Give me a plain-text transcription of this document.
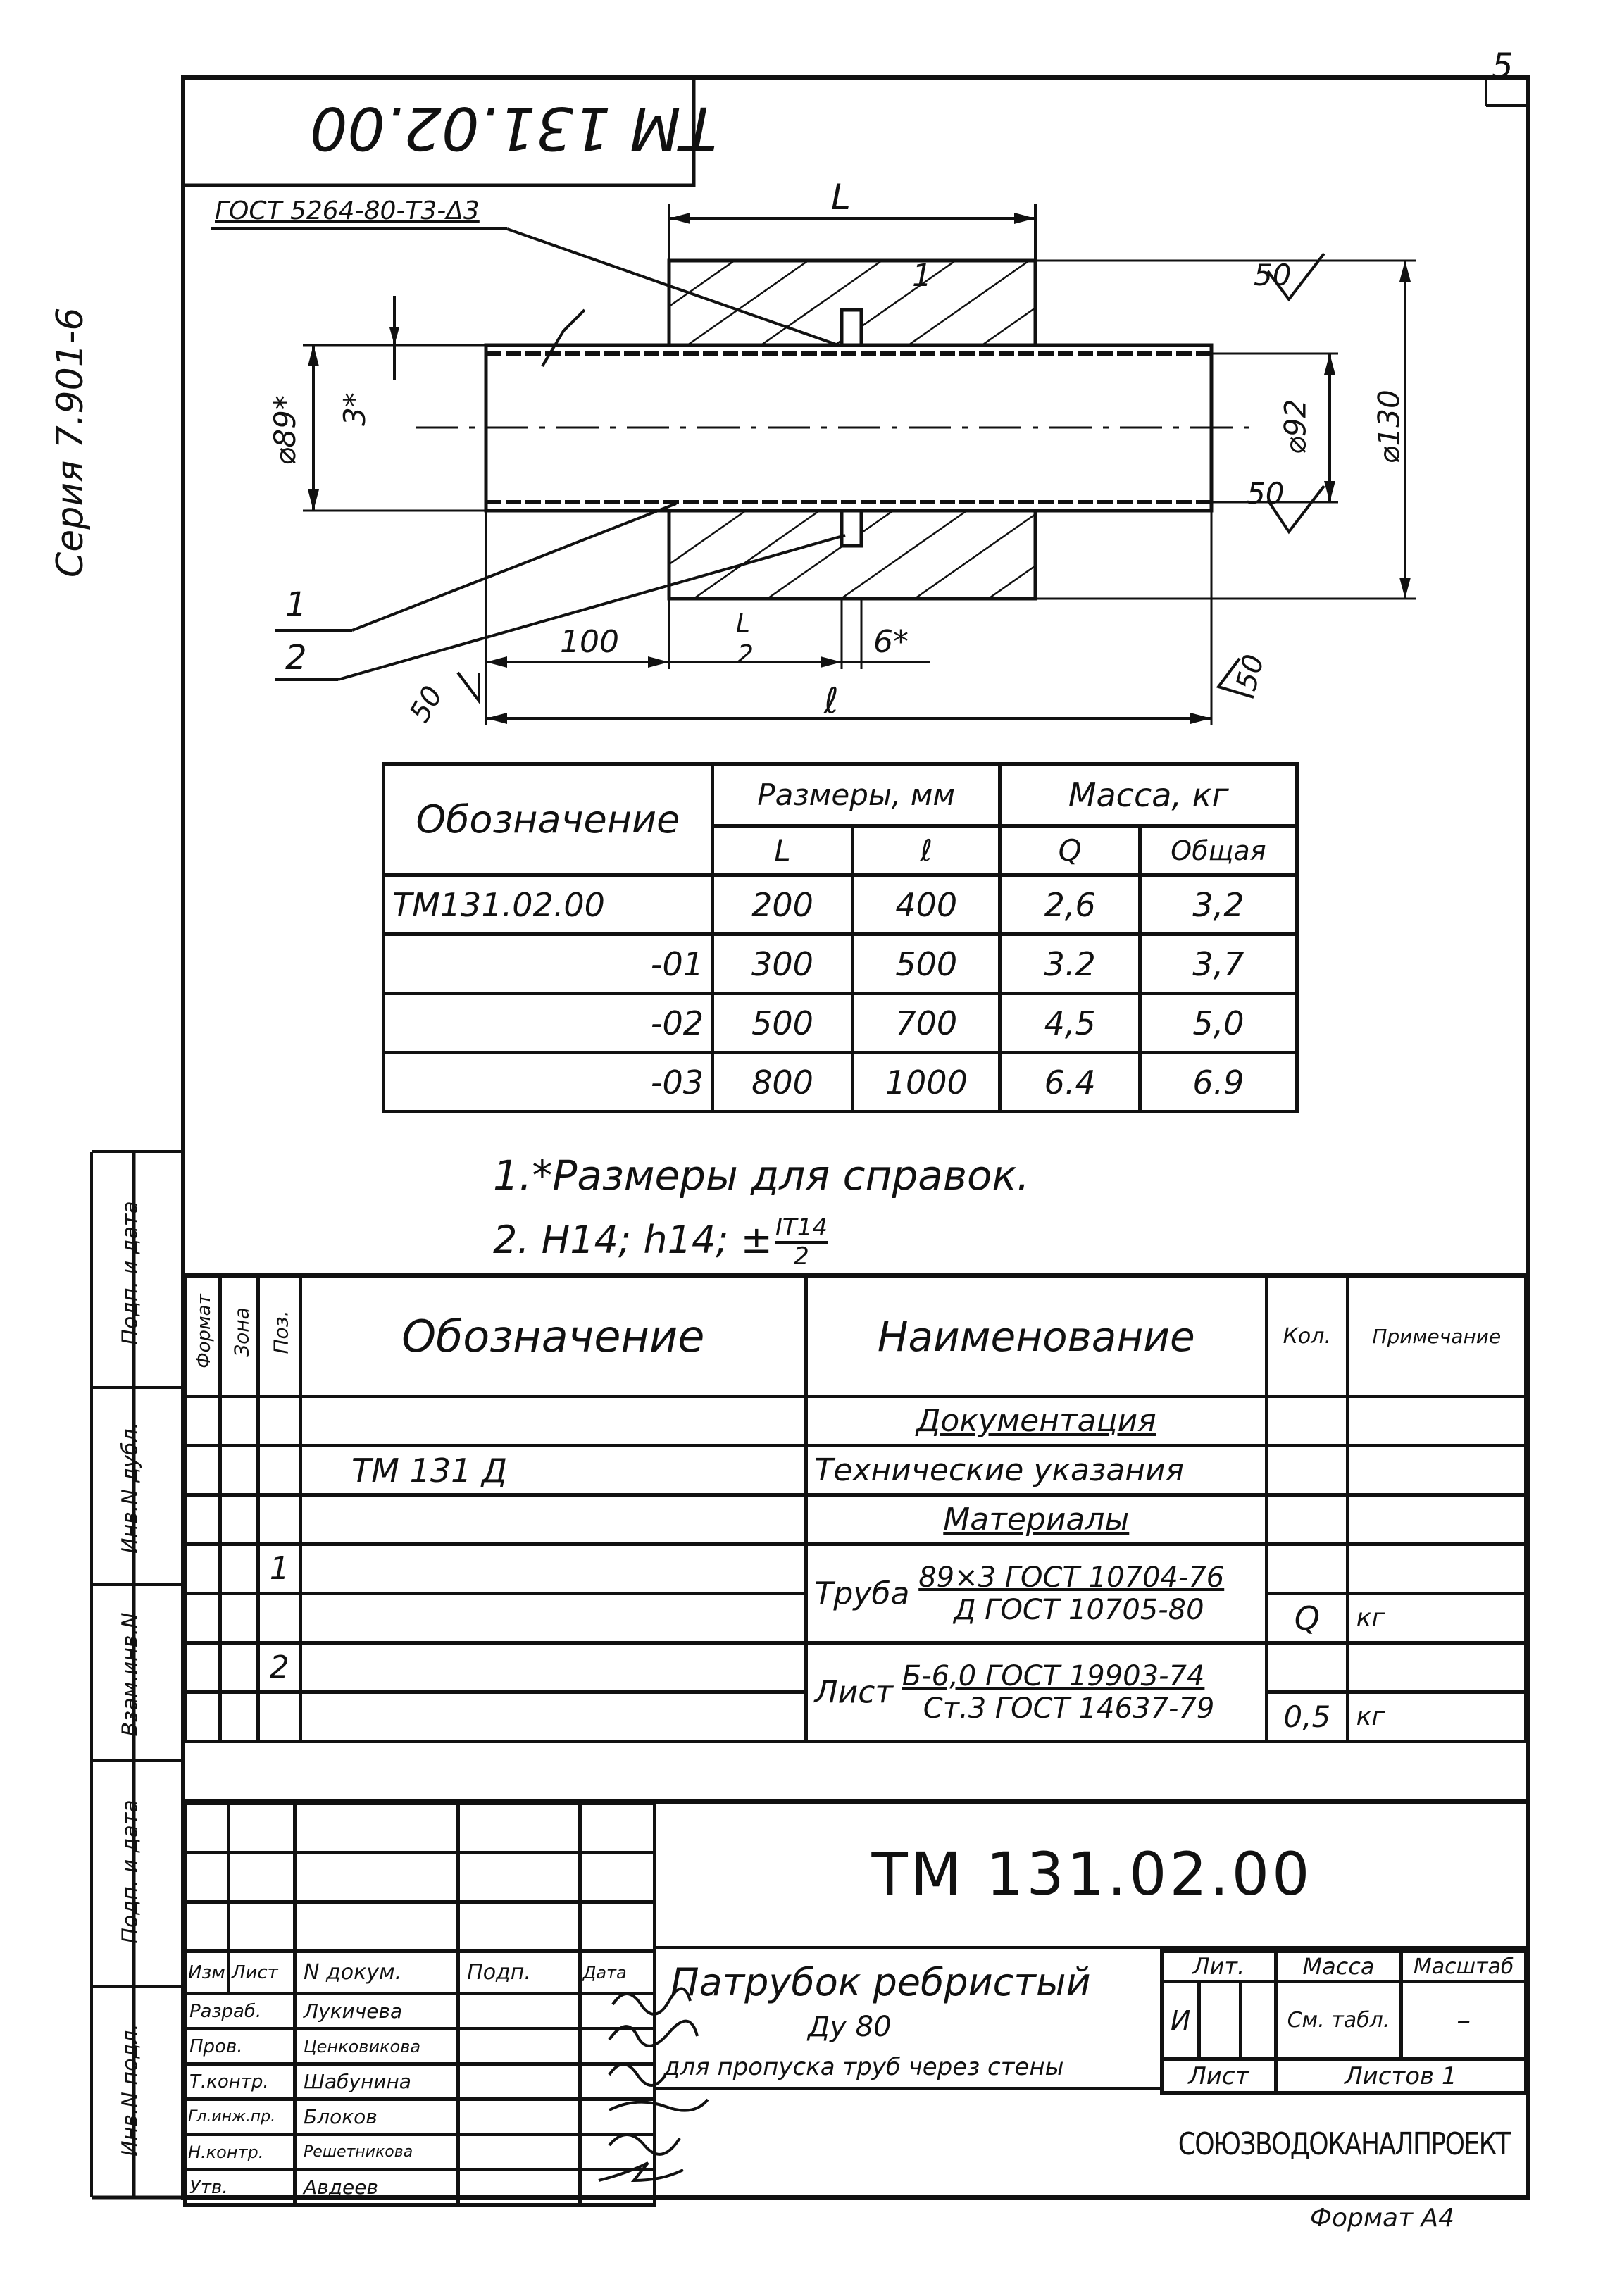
5
ТМ 131.02.00
Серия 7.901-6
ГОСТ 5264-80-Т3-Δ3	L
1	50
50
3*
⌀89*	⌀92 ⌀130
1
2	100
L
2	6*
ℓ
50
50
Обозначение	Размеры, мм		Масса, кг	
	L	ℓ	Q	Общая
ТМ131.02.00	200	400	2,6	3,2
-01	300	500	3.2	3,7
-02	500	700	4,5	5,0
-03	800	1000	6.4	6.9
1.*Размеры для справок.
2. H14; h14; ± $\frac{IT14}{2}$
Формат	Зона	Поз.	Обозначение	Наименование	Кол.	Примечание
				Документация		
			ТМ 131 Д	Технические указания		
				Материалы		
		1		Труба 89×3 ГОСТ 10704-76
Д ГОСТ 10705-80		

					Q	кг
		2		Лист Б-6,0 ГОСТ 19903-74
Ст.3 ГОСТ 14637-79		

					0,5	кг
Инв.N подл.
Подп. и дата
Взам.инв.N
Инв.N дубл.
Подп. и дата

Изм	Лист	N докум.	Подп.	Дата
Разраб.		Лукичева		
Пров.		Ценковикова		
Т.контр.		Шабунина		
Гл.инж.пр.		Блоков		
Н.контр.		Решетникова		
Утв.		Авдеев		
ТМ 131.02.00
Патрубок ребристый
Ду 80
для пропуска труб через стены
Лит.			Масса	Масштаб
И			См. табл.	–
Лист			Листов 1	
СОЮЗВОДОКАНАЛПРОЕКТ
Формат А4
